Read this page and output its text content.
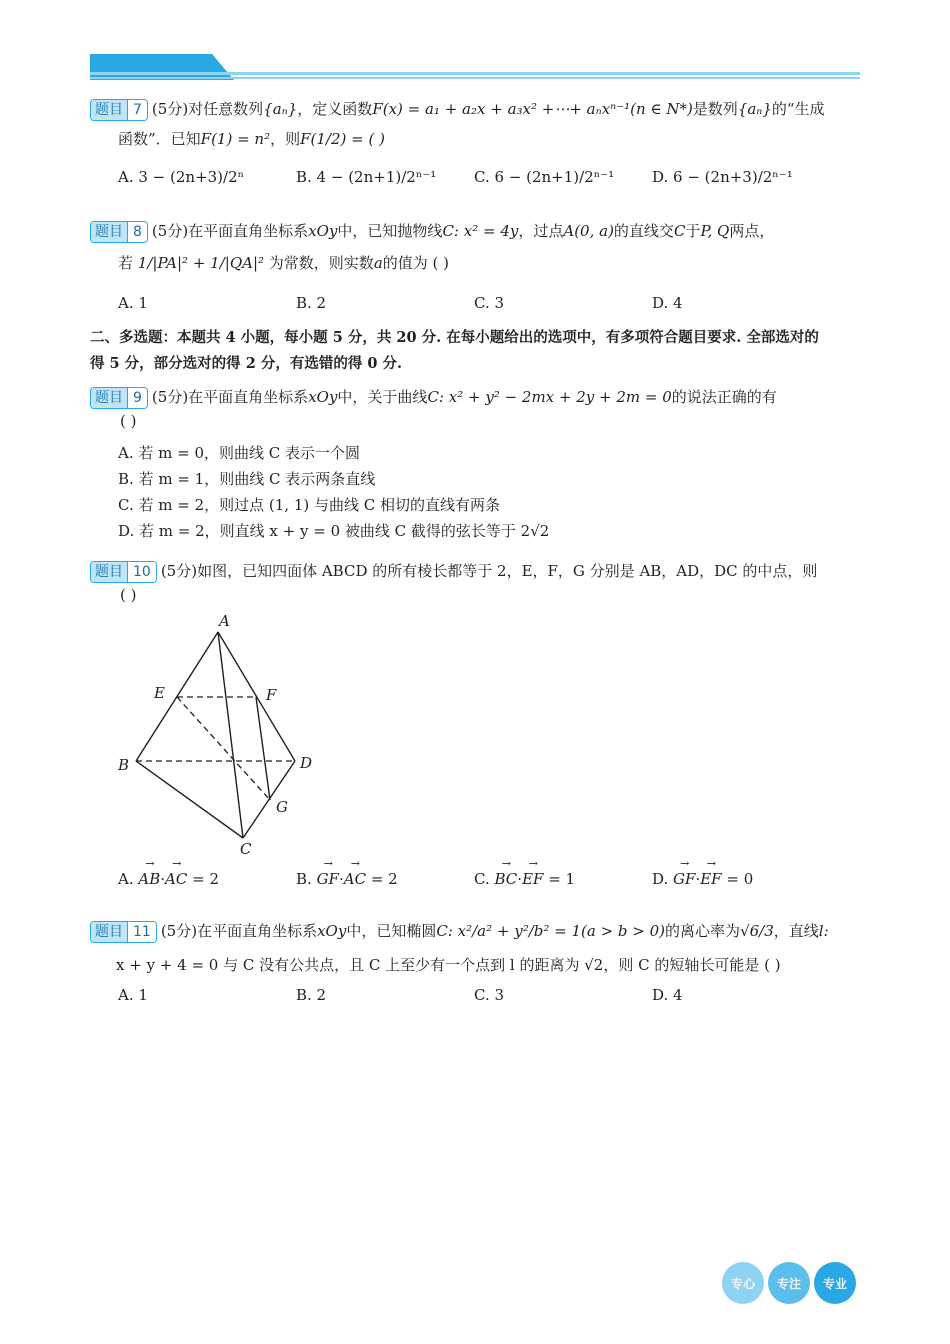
题目 7 (5分)对任意数列{aₙ}，定义函数F(x) = a₁ + a₂x + a₃x² +⋯+ aₙxⁿ⁻¹(n ∈ N*)是数列{aₙ}的“生成
函数”．已知F(1) = n²，则F(1/2) = ( )
A. 3 − (2n+3)/2ⁿ	B. 4 − (2n+1)/2ⁿ⁻¹	C. 6 − (2n+1)/2ⁿ⁻¹	D. 6 − (2n+3)/2ⁿ⁻¹
题目 8 (5分)在平面直角坐标系xOy中，已知抛物线C: x² = 4y，过点A(0, a)的直线交C于P, Q两点，
若 1/|PA|² + 1/|QA|² 为常数，则实数a的值为 ( )
A. 1	B. 2	C. 3	D. 4
二、多选题：本题共 4 小题，每小题 5 分，共 20 分. 在每小题给出的选项中，有多项符合题目要求. 全部选对的
得 5 分，部分选对的得 2 分，有选错的得 0 分.
题目 9 (5分)在平面直角坐标系xOy中，关于曲线C: x² + y² − 2mx + 2y + 2m = 0的说法正确的有
( )
A. 若 m = 0，则曲线 C 表示一个圆
B. 若 m = 1，则曲线 C 表示两条直线
C. 若 m = 2，则过点 (1, 1) 与曲线 C 相切的直线有两条
D. 若 m = 2，则直线 x + y = 0 被曲线 C 截得的弦长等于 2√2
题目 10 (5分)如图，已知四面体 ABCD 的所有棱长都等于 2，E，F，G 分别是 AB，AD，DC 的中点，则
( )
A
B
C
D
E	F
G
A. → AB·→ AC = 2	B. → GF·→ AC = 2	C. → BC·→ EF = 1	D. → GF·→ EF = 0
题目 11 (5分)在平面直角坐标系xOy中，已知椭圆C: x²/a² + y²/b² = 1(a > b > 0)的离心率为√6/3，直线l:
x + y + 4 = 0 与 C 没有公共点，且 C 上至少有一个点到 l 的距离为 √2，则 C 的短轴长可能是 ( )
A. 1	B. 2	C. 3	D. 4
专心	专注	专业
